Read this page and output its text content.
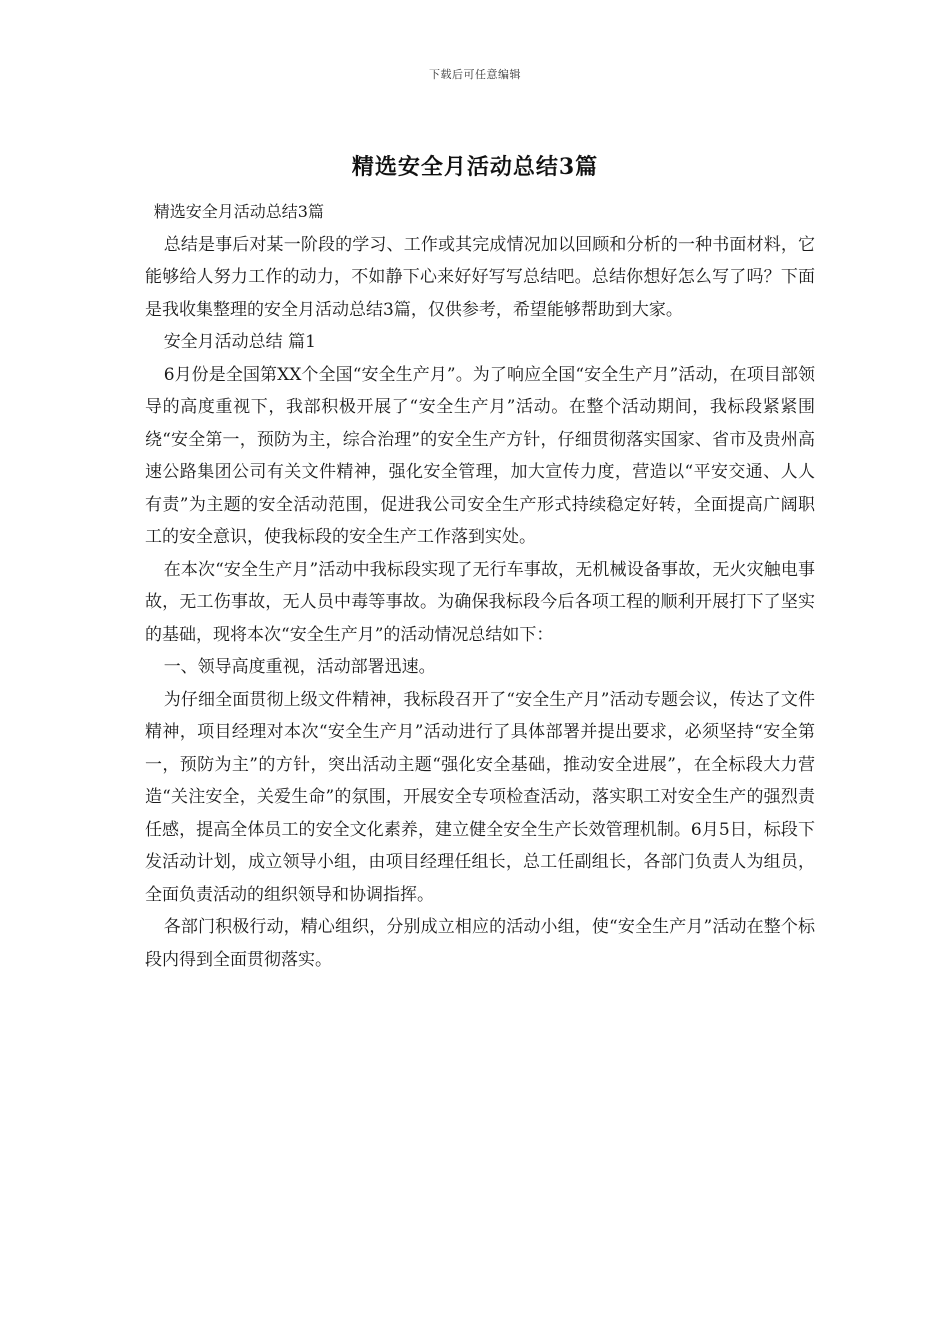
下载后可任意编辑
精选安全月活动总结3篇

精选安全月活动总结3篇

总结是事后对某一阶段的学习、工作或其完成情况加以回顾和分析的一种书面材料，它能够给人努力工作的动力，不如静下心来好好写写总结吧。总结你想好怎么写了吗？下面是我收集整理的安全月活动总结3篇，仅供参考，希望能够帮助到大家。

安全月活动总结 篇1

6月份是全国第XX个全国“安全生产月”。为了响应全国“安全生产月”活动，在项目部领导的高度重视下，我部积极开展了“安全生产月”活动。在整个活动期间，我标段紧紧围绕“安全第一，预防为主，综合治理”的安全生产方针，仔细贯彻落实国家、省市及贵州高速公路集团公司有关文件精神，强化安全管理，加大宣传力度，营造以“平安交通、人人有责”为主题的安全活动范围，促进我公司安全生产形式持续稳定好转，全面提高广阔职工的安全意识，使我标段的安全生产工作落到实处。

在本次“安全生产月”活动中我标段实现了无行车事故，无机械设备事故，无火灾触电事故，无工伤事故，无人员中毒等事故。为确保我标段今后各项工程的顺利开展打下了坚实的基础，现将本次“安全生产月”的活动情况总结如下：

一、领导高度重视，活动部署迅速。

为仔细全面贯彻上级文件精神，我标段召开了“安全生产月”活动专题会议，传达了文件精神，项目经理对本次“安全生产月”活动进行了具体部署并提出要求，必须坚持“安全第一，预防为主”的方针，突出活动主题“强化安全基础，推动安全进展”，在全标段大力营造“关注安全，关爱生命”的氛围，开展安全专项检查活动，落实职工对安全生产的强烈责任感，提高全体员工的安全文化素养，建立健全安全生产长效管理机制。6月5日，标段下发活动计划，成立领导小组，由项目经理任组长，总工任副组长，各部门负责人为组员，全面负责活动的组织领导和协调指挥。

各部门积极行动，精心组织，分别成立相应的活动小组，使“安全生产月”活动在整个标段内得到全面贯彻落实。
